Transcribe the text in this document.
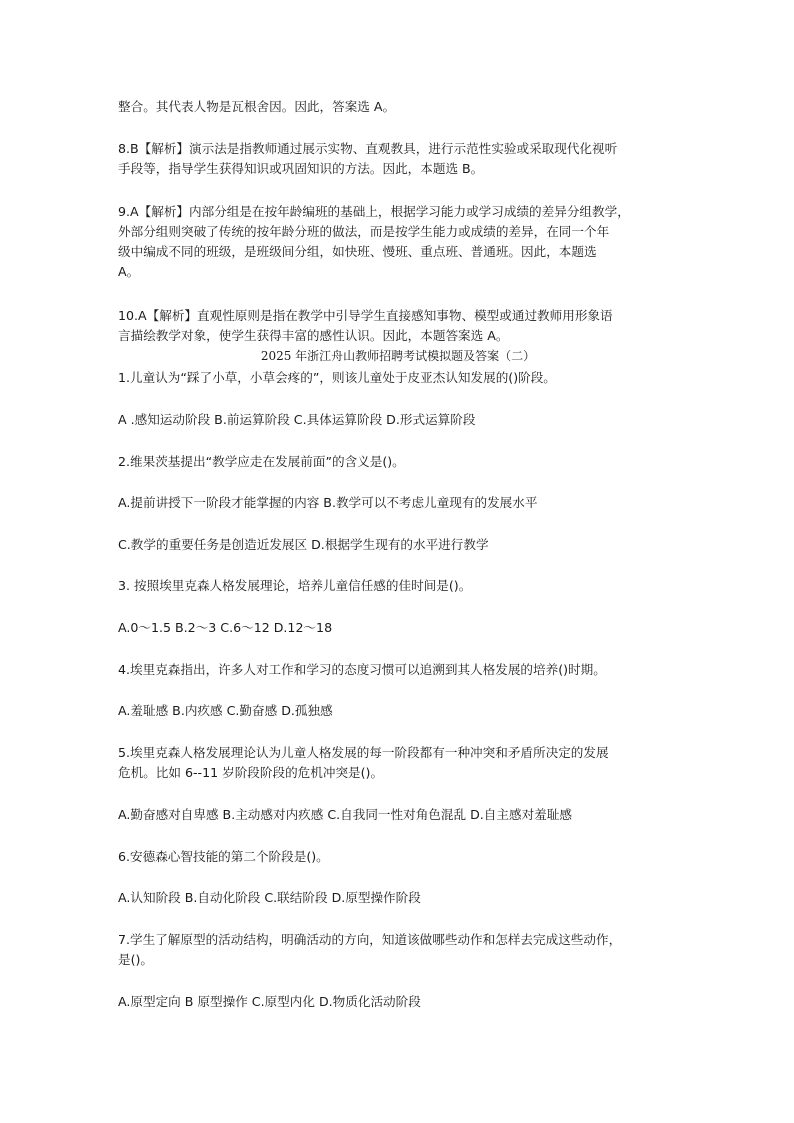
整合。其代表人物是瓦根舍因。因此，答案选 A。

8.B【解析】演示法是指教师通过展示实物、直观教具，进行示范性实验或采取现代化视听
手段等，指导学生获得知识或巩固知识的方法。因此，本题选 B。

9.A【解析】内部分组是在按年龄编班的基础上，根据学习能力或学习成绩的差异分组教学，
外部分组则突破了传统的按年龄分班的做法，而是按学生能力或成绩的差异，在同一个年
级中编成不同的班级，是班级间分组，如快班、慢班、重点班、普通班。因此，本题选
A。

10.A【解析】直观性原则是指在教学中引导学生直接感知事物、模型或通过教师用形象语
言描绘教学对象，使学生获得丰富的感性认识。因此，本题答案选 A。

2025 年浙江舟山教师招聘考试模拟题及答案（二）

1.儿童认为“踩了小草，小草会疼的”，则该儿童处于皮亚杰认知发展的()阶段。

A .感知运动阶段 B.前运算阶段 C.具体运算阶段 D.形式运算阶段

2.维果茨基提出“教学应走在发展前面”的含义是()。

A.提前讲授下一阶段才能掌握的内容 B.教学可以不考虑儿童现有的发展水平

C.教学的重要任务是创造近发展区 D.根据学生现有的水平进行教学

3. 按照埃里克森人格发展理论，培养儿童信任感的佳时间是()。

A.0～1.5 B.2～3 C.6～12 D.12～18

4.埃里克森指出，许多人对工作和学习的态度习惯可以追溯到其人格发展的培养()时期。

A.羞耻感 B.内疚感 C.勤奋感 D.孤独感

5.埃里克森人格发展理论认为儿童人格发展的每一阶段都有一种冲突和矛盾所决定的发展
危机。比如 6--11 岁阶段阶段的危机冲突是()。

A.勤奋感对自卑感 B.主动感对内疚感 C.自我同一性对角色混乱 D.自主感对羞耻感

6.安德森心智技能的第二个阶段是()。

A.认知阶段 B.自动化阶段 C.联结阶段 D.原型操作阶段

7.学生了解原型的活动结构，明确活动的方向，知道该做哪些动作和怎样去完成这些动作，
是()。

A.原型定向 B 原型操作 C.原型内化 D.物质化活动阶段
